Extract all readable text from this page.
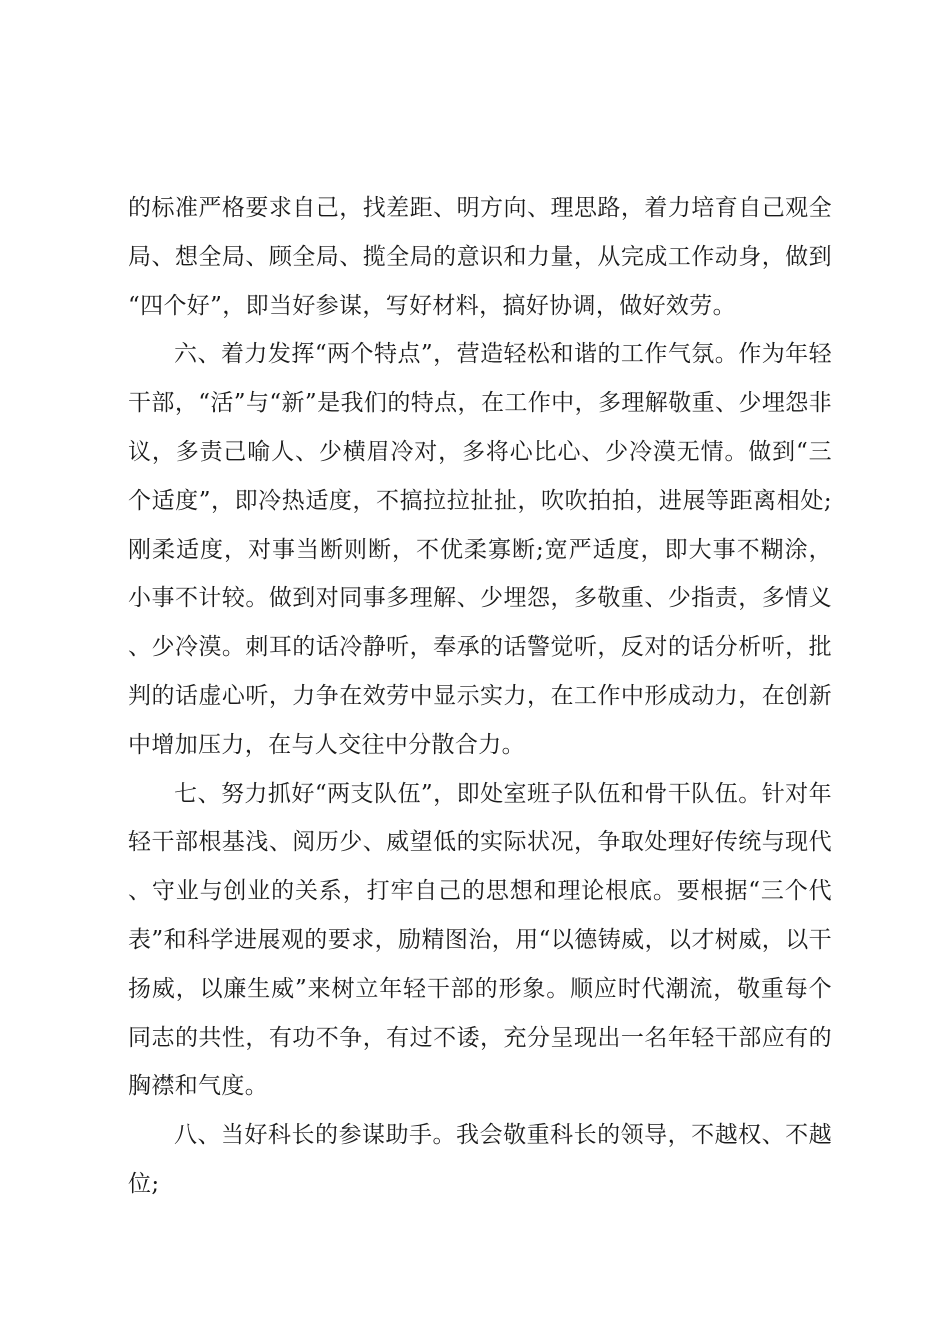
的标准严格要求自己，找差距、明方向、理思路，着力培育自己观全局、想全局、顾全局、揽全局的意识和力量，从完成工作动身，做到“四个好”，即当好参谋，写好材料，搞好协调，做好效劳。

六、着力发挥“两个特点”，营造轻松和谐的工作气氛。作为年轻干部，“活”与“新”是我们的特点，在工作中，多理解敬重、少埋怨非议，多责己喻人、少横眉冷对，多将心比心、少冷漠无情。做到“三个适度”，即冷热适度，不搞拉拉扯扯，吹吹拍拍，进展等距离相处;刚柔适度，对事当断则断，不优柔寡断;宽严适度，即大事不糊涂，小事不计较。做到对同事多理解、少埋怨，多敬重、少指责，多情义、少冷漠。刺耳的话冷静听，奉承的话警觉听，反对的话分析听，批判的话虚心听，力争在效劳中显示实力，在工作中形成动力，在创新中增加压力，在与人交往中分散合力。

七、努力抓好“两支队伍”，即处室班子队伍和骨干队伍。针对年轻干部根基浅、阅历少、威望低的实际状况，争取处理好传统与现代、守业与创业的关系，打牢自己的思想和理论根底。要根据“三个代表”和科学进展观的要求，励精图治，用“以德铸威，以才树威，以干扬威，以廉生威”来树立年轻干部的形象。顺应时代潮流，敬重每个同志的共性，有功不争，有过不诿，充分呈现出一名年轻干部应有的胸襟和气度。

八、当好科长的参谋助手。我会敬重科长的领导，不越权、不越位;
